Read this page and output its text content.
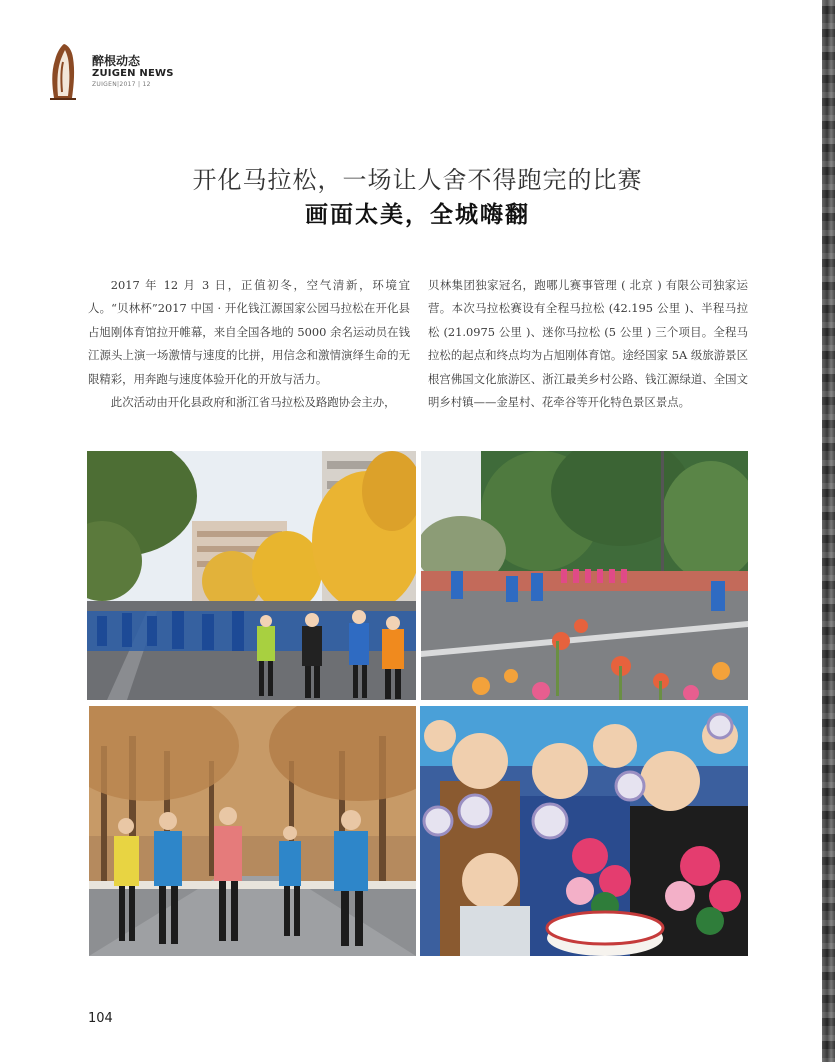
醉根动态
ZUIGEN NEWS
ZUIGEN|2017 | 12
开化马拉松，一场让人舍不得跑完的比赛
画面太美，全城嗨翻

2017 年 12 月 3 日，正值初冬，空气清新，环境宜人。“贝林杯”2017 中国 · 开化钱江源国家公园马拉松在开化县占旭刚体育馆拉开帷幕，来自全国各地的 5000 余名运动员在钱江源头上演一场激情与速度的比拼，用信念和激情演绎生命的无限精彩，用奔跑与速度体验开化的开放与活力。

此次活动由开化县政府和浙江省马拉松及路跑协会主办，

贝林集团独家冠名，跑哪儿赛事管理 ( 北京 ) 有限公司独家运营。本次马拉松赛设有全程马拉松 (42.195 公里 )、半程马拉松 (21.0975 公里 )、迷你马拉松 (5 公里 ) 三个项目。全程马拉松的起点和终点均为占旭刚体育馆。途经国家 5A 级旅游景区根宫佛国文化旅游区、浙江最美乡村公路、钱江源绿道、全国文明乡村镇——金星村、花牵谷等开化特色景区景点。

104
